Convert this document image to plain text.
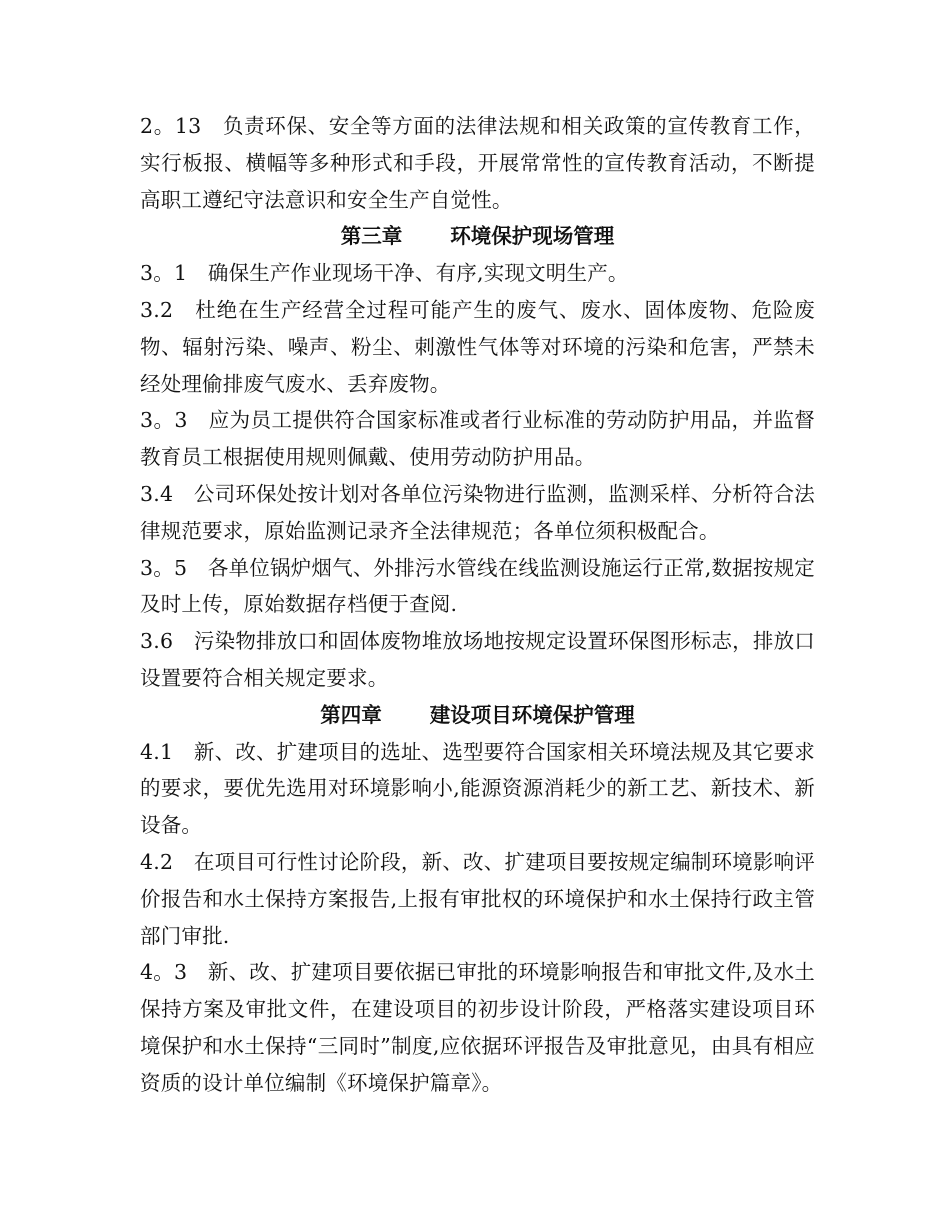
2。13　负责环保、安全等方面的法律法规和相关政策的宣传教育工作， 实行板报、横幅等多种形式和手段，开展常常性的宣传教育活动，不断提高职工遵纪守法意识和安全生产自觉性。

第三章 环境保护现场管理

3。1　确保生产作业现场干净、有序,实现文明生产。

3.2　杜绝在生产经营全过程可能产生的废气、废水、固体废物、危险废物、辐射污染、噪声、粉尘、刺激性气体等对环境的污染和危害，严禁未经处理偷排废气废水、丢弃废物。

3。3　应为员工提供符合国家标准或者行业标准的劳动防护用品，并监督教育员工根据使用规则佩戴、使用劳动防护用品。

3.4　公司环保处按计划对各单位污染物进行监测，监测采样、分析符合法律规范要求，原始监测记录齐全法律规范；各单位须积极配合。

3。5　各单位锅炉烟气、外排污水管线在线监测设施运行正常,数据按规定及时上传，原始数据存档便于查阅.

3.6　污染物排放口和固体废物堆放场地按规定设置环保图形标志，排放口设置要符合相关规定要求。

第四章 建设项目环境保护管理

4.1　新、改、扩建项目的选址、选型要符合国家相关环境法规及其它要求的要求，要优先选用对环境影响小,能源资源消耗少的新工艺、新技术、新设备。

4.2　在项目可行性讨论阶段，新、改、扩建项目要按规定编制环境影响评价报告和水土保持方案报告,上报有审批权的环境保护和水土保持行政主管部门审批.

4。3　新、改、扩建项目要依据已审批的环境影响报告和审批文件,及水土保持方案及审批文件，在建设项目的初步设计阶段，严格落实建设项目环境保护和水土保持“三同时”制度,应依据环评报告及审批意见，由具有相应资质的设计单位编制《环境保护篇章》。
